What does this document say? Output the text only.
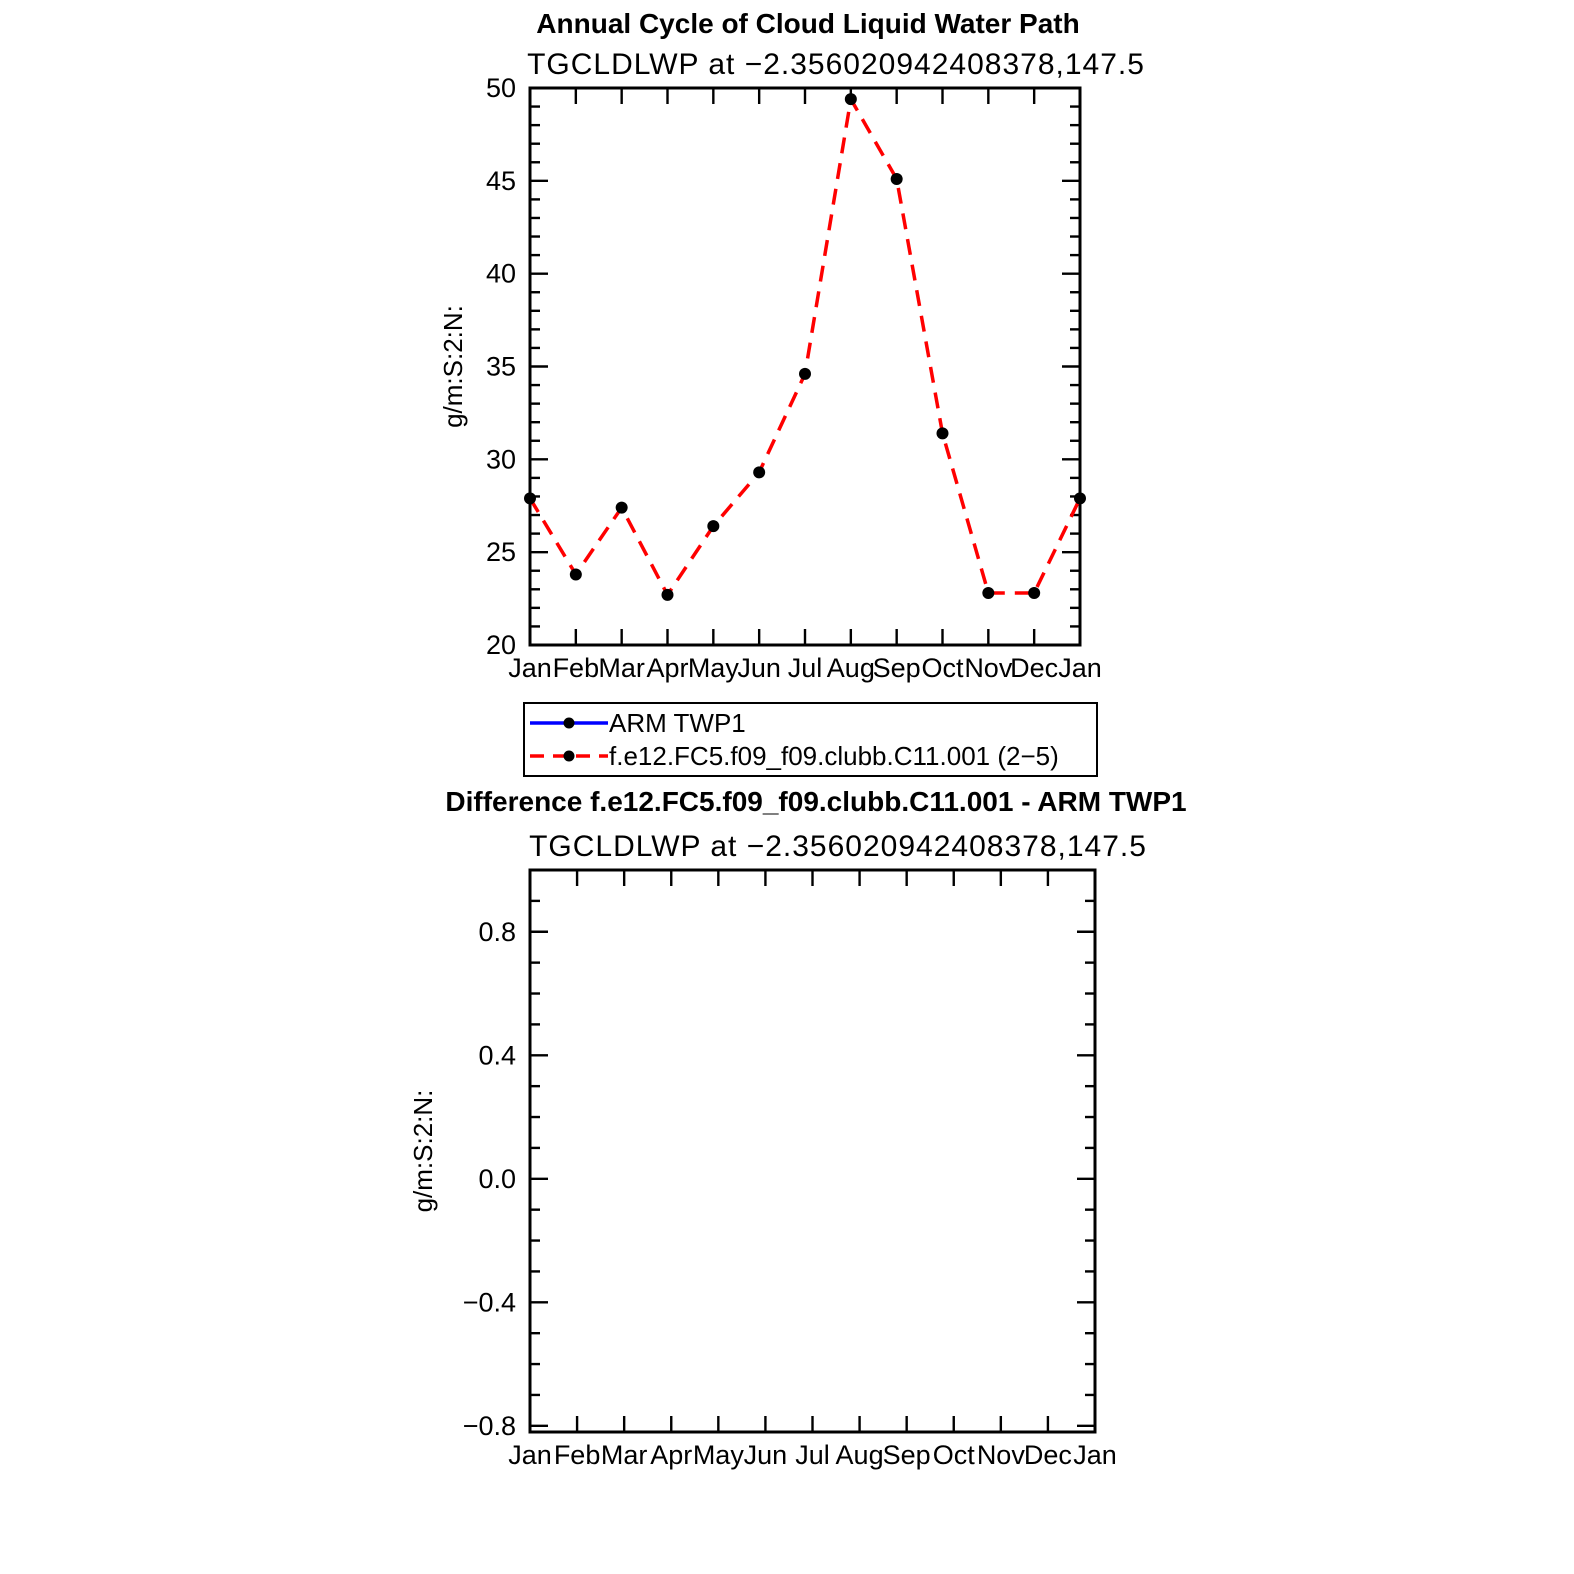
Annual Cycle of Cloud Liquid Water Path
TGCLDLWP at −2.356020942408378,147.5
Difference f.e12.FC5.f09_f09.clubb.C11.001 - ARM TWP1
TGCLDLWP at −2.356020942408378,147.5
20
25
30
35
40
45
50
Jan Feb Mar Apr May
Jun Jul Aug
Sep Oct Nov
Dec Jan
g/m:S:2:N:
0.8
0.4
0.0
−0.4
−0.8
Jan Feb Mar Apr May Jun Jul Aug Sep Oct Nov Dec Jan
g/m:S:2:N:
ARM TWP1
f.e12.FC5.f09_f09.clubb.C11.001 (2−5)
